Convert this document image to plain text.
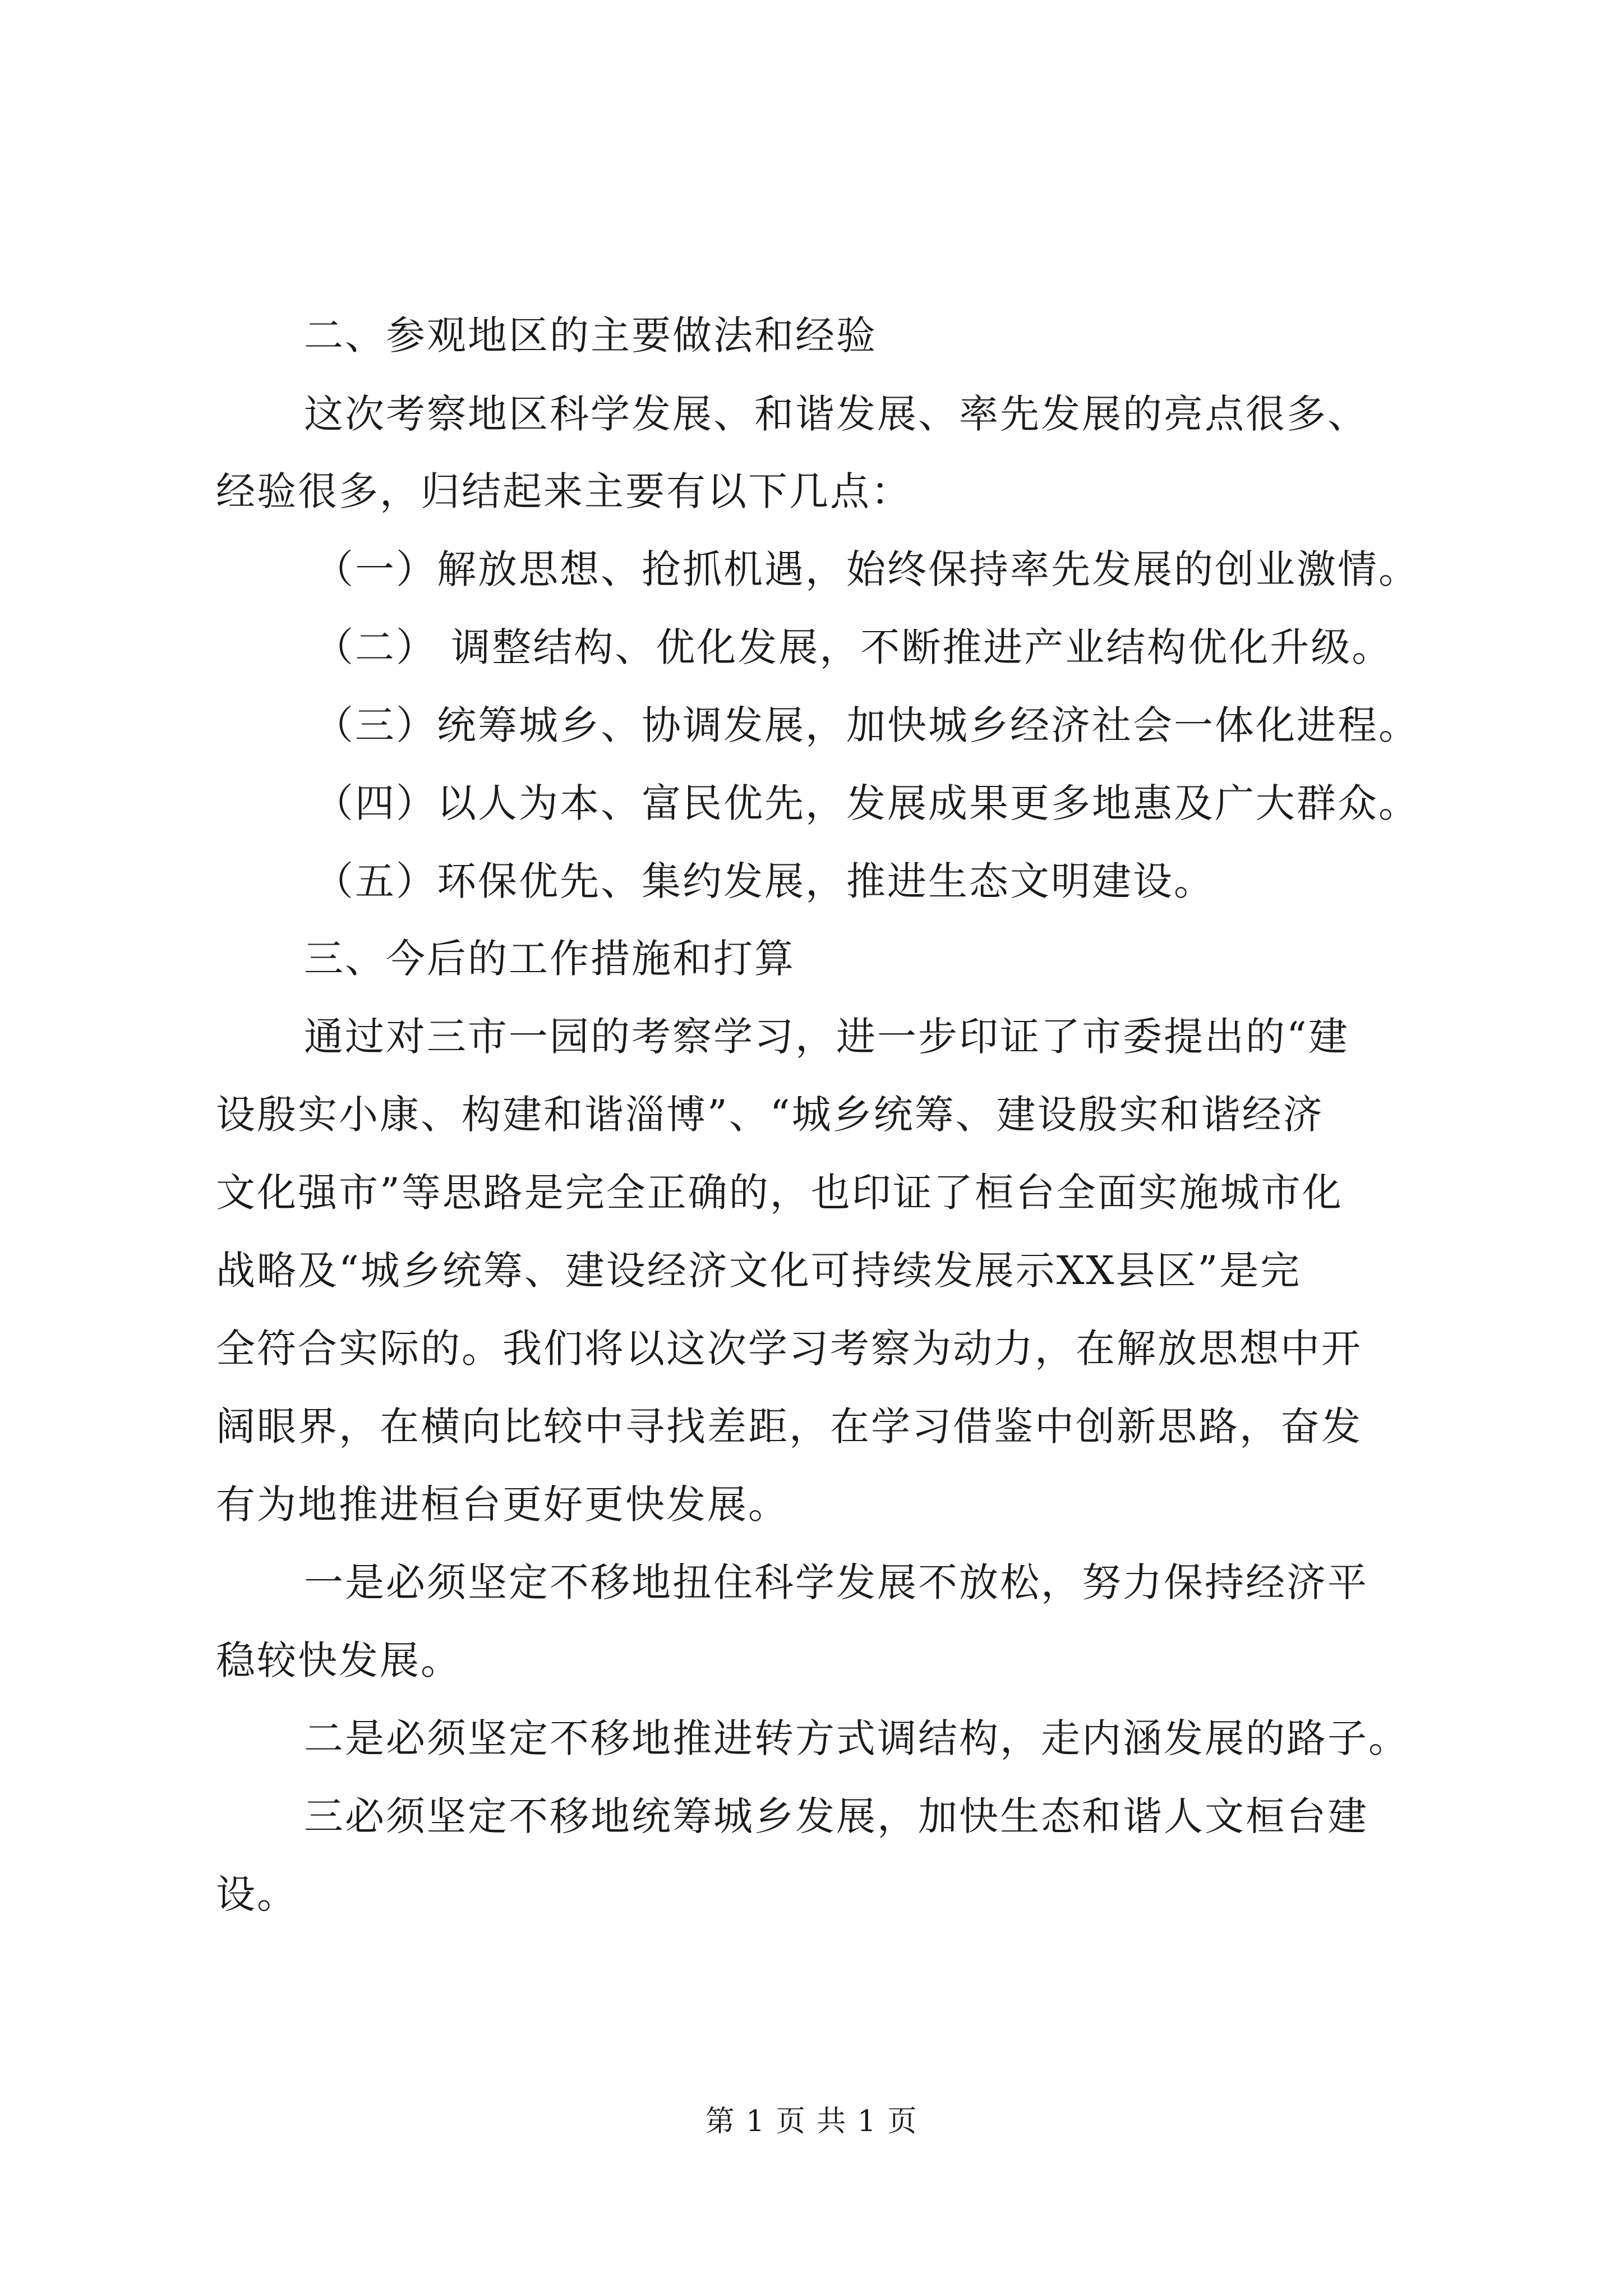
二、参观地区的主要做法和经验
这次考察地区科学发展、和谐发展、率先发展的亮点很多、
经验很多，归结起来主要有以下几点：
（一）解放思想、抢抓机遇，始终保持率先发展的创业激情。
（二） 调整结构、优化发展，不断推进产业结构优化升级。
（三）统筹城乡、协调发展，加快城乡经济社会一体化进程。
（四）以人为本、富民优先，发展成果更多地惠及广大群众。
（五）环保优先、集约发展，推进生态文明建设。
三、今后的工作措施和打算
通过对三市一园的考察学习，进一步印证了市委提出的“建
设殷实小康、构建和谐淄博”、“城乡统筹、建设殷实和谐经济
文化强市”等思路是完全正确的，也印证了桓台全面实施城市化
战略及“城乡统筹、建设经济文化可持续发展示XX县区”是完
全符合实际的。我们将以这次学习考察为动力，在解放思想中开
阔眼界，在横向比较中寻找差距，在学习借鉴中创新思路，奋发
有为地推进桓台更好更快发展。
一是必须坚定不移地扭住科学发展不放松，努力保持经济平
稳较快发展。
二是必须坚定不移地推进转方式调结构，走内涵发展的路子。
三必须坚定不移地统筹城乡发展，加快生态和谐人文桓台建
设。
第 1 页 共 1 页
